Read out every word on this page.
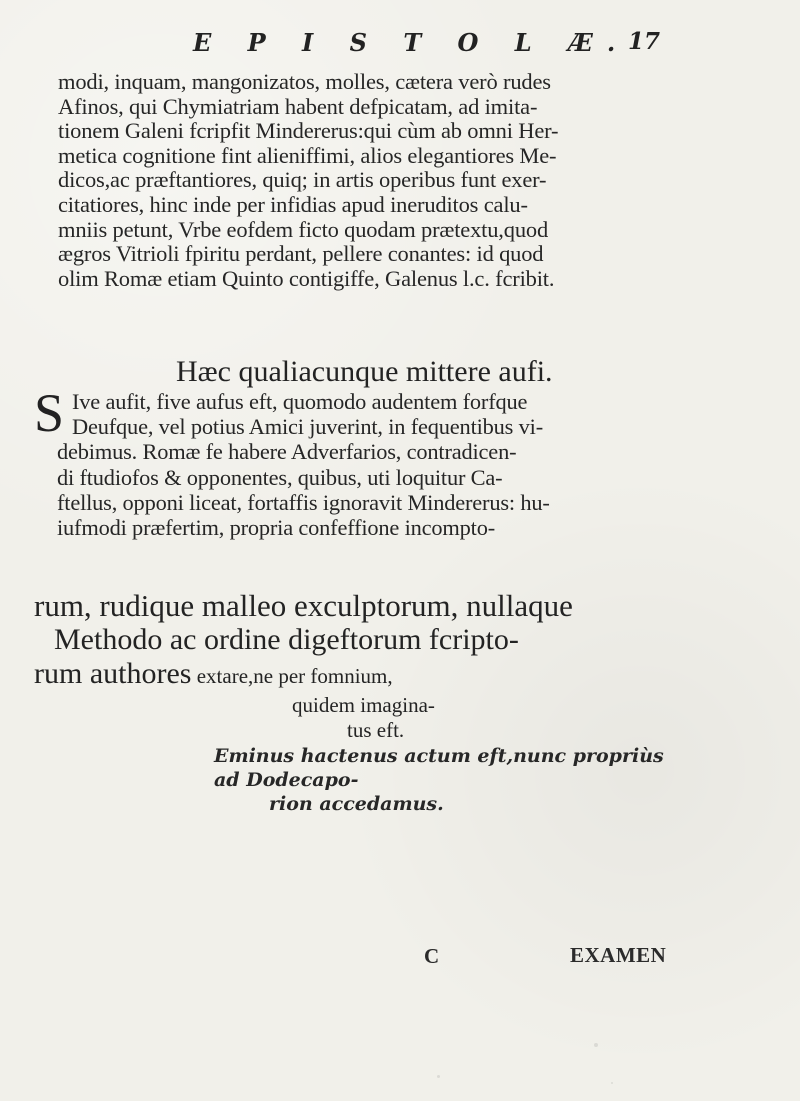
E P I S T O L Æ.
17
modi, inquam, mangonizatos, molles, cætera verò rudes
Afinos, qui Chymiatriam habent defpicatam, ad imita-
tionem Galeni fcripfit Mindererus:qui cùm ab omni Her-
metica cognitione fint alieniffimi, alios elegantiores Me-
dicos,ac præftantiores, quiq; in artis operibus funt exer-
citatiores, hinc inde per infidias apud ineruditos calu-
mniis petunt, Vrbe eofdem ficto quodam prætextu,quod
ægros Vitrioli fpiritu perdant, pellere conantes: id quod
olim Romæ etiam Quinto contigiffe, Galenus l.c. fcribit.
Hæc qualiacunque mittere aufi.
S Ive aufit, five aufus eft, quomodo audentem forfque
Deufque, vel potius Amici juverint, in fequentibus vi-
debimus. Romæ fe habere Adverfarios, contradicen-
di ftudiofos & opponentes, quibus, uti loquitur Ca-
ftellus, opponi liceat, fortaffis ignoravit Mindererus: hu-
iufmodi præfertim, propria confeffione incompto-
rum, rudique malleo exculptorum, nullaque
Methodo ac ordine digeftorum fcripto-
rum authores extare,ne per fomnium,
quidem imagina-
tus eft.
Eminus hactenus actum eft,nunc propriùs ad Dodecapo-
rion accedamus.
C	EXAMEN
